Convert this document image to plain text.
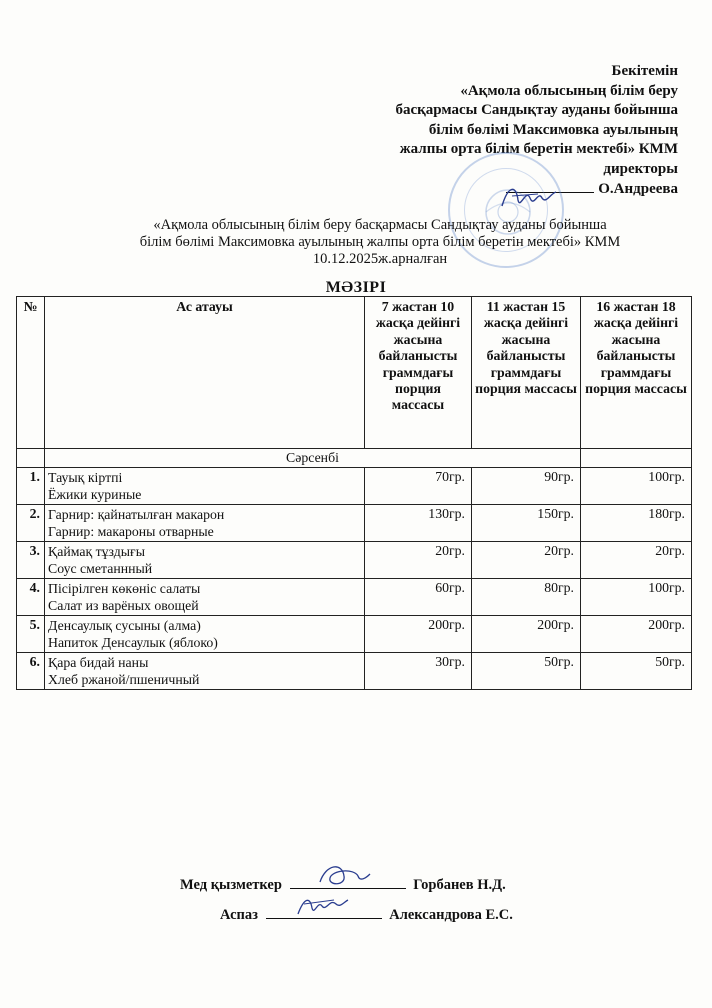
Бекітемін
«Ақмола облысының білім беру
басқармасы Сандықтау ауданы бойынша
білім бөлімі Максимовка ауылының
жалпы орта білім беретін мектебі» КММ
директоры
О.Андреева
«Ақмола облысының білім беру басқармасы Сандықтау ауданы бойынша
білім бөлімі Максимовка ауылының жалпы орта білім беретін мектебі» КММ
10.12.2025ж.арналған
МӘЗІРІ
№	Ас атауы	7 жастан 10 жасқа дейінгі жасына байланысты граммдағы порция массасы	11 жастан 15 жасқа дейінгі жасына байланысты граммдағы порция массасы	16 жастан 18 жасқа дейінгі жасына байланысты граммдағы порция массасы
	Сәрсенбі			
1.	Тауық кіртпі
Ёжики куриные	70гр.	90гр.	100гр.
2.	Гарнир: қайнатылған макарон
Гарнир: макароны отварные	130гр.	150гр.	180гр.
3.	Қаймақ тұздығы
Соус сметаннный	20гр.	20гр.	20гр.
4.	Пісірілген көкөніс салаты
Салат из варёных овощей	60гр.	80гр.	100гр.
5.	Денсаулық сусыны (алма)
Напиток Денсаулык (яблоко)	200гр.	200гр.	200гр.
6.	Қара бидай наны
Хлеб ржаной/пшеничный	30гр.	50гр.	50гр.
Мед қызметкер	Горбанев Н.Д.
Аспаз	Александрова Е.С.
